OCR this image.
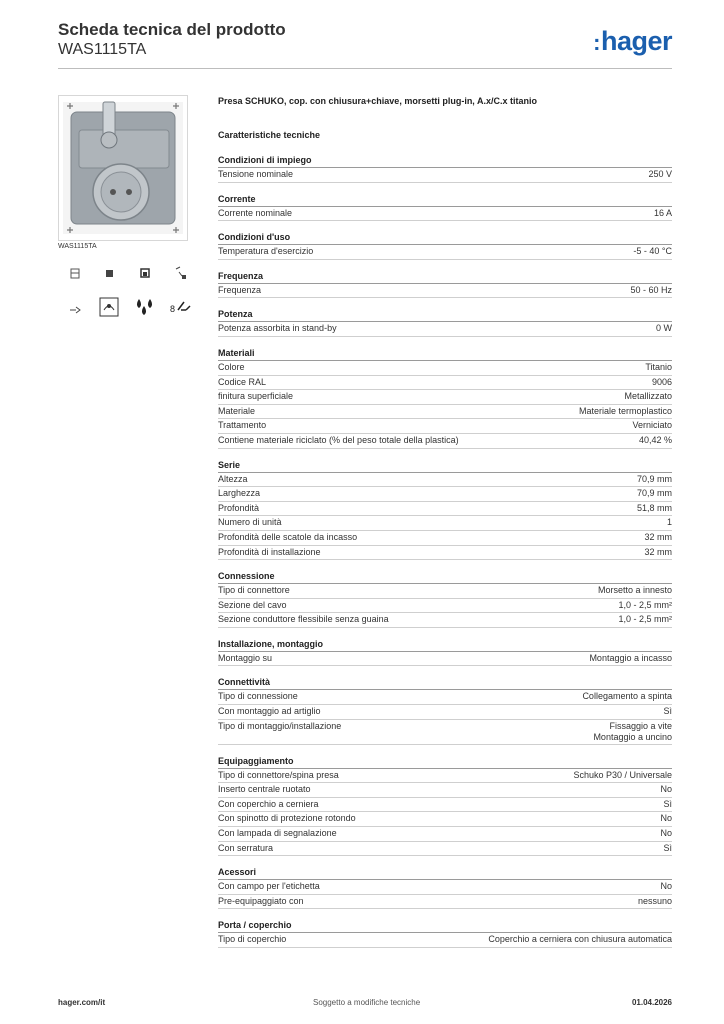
Scheda tecnica del prodotto
WAS1115TA	:hager
WAS1115TA
8
Presa SCHUKO, cop. con chiusura+chiave, morsetti plug-in, A.x/C.x titanio
Caratteristiche tecniche
Condizioni di impiego
Tensione nominale	250 V
Corrente
Corrente nominale	16 A
Condizioni d'uso
Temperatura d'esercizio	-5 - 40 °C
Frequenza
Frequenza	50 - 60 Hz
Potenza
Potenza assorbita in stand-by	0 W
Materiali
Colore	Titanio
Codice RAL	9006
finitura superficiale	Metallizzato
Materiale	Materiale termoplastico
Trattamento	Verniciato
Contiene materiale riciclato (% del peso totale della plastica)	40,42 %
Serie
Altezza	70,9 mm
Larghezza	70,9 mm
Profondità	51,8 mm
Numero di unità	1
Profondità delle scatole da incasso	32 mm
Profondità di installazione	32 mm
Connessione
Tipo di connettore	Morsetto a innesto
Sezione del cavo	1,0 - 2,5 mm²
Sezione conduttore flessibile senza guaina	1,0 - 2,5 mm²
Installazione, montaggio
Montaggio su	Montaggio a incasso
Connettività
Tipo di connessione	Collegamento a spinta
Con montaggio ad artiglio	Sì
Tipo di montaggio/installazione	Fissaggio a vite
Montaggio a uncino
Equipaggiamento
Tipo di connettore/spina presa	Schuko P30 / Universale
Inserto centrale ruotato	No
Con coperchio a cerniera	Sì
Con spinotto di protezione rotondo	No
Con lampada di segnalazione	No
Con serratura	Sì
Acessori
Con campo per l'etichetta	No
Pre-equipaggiato con	nessuno
Porta / coperchio
Tipo di coperchio	Coperchio a cerniera con chiusura automatica
hager.com/it	Soggetto a modifiche tecniche	01.04.2026
